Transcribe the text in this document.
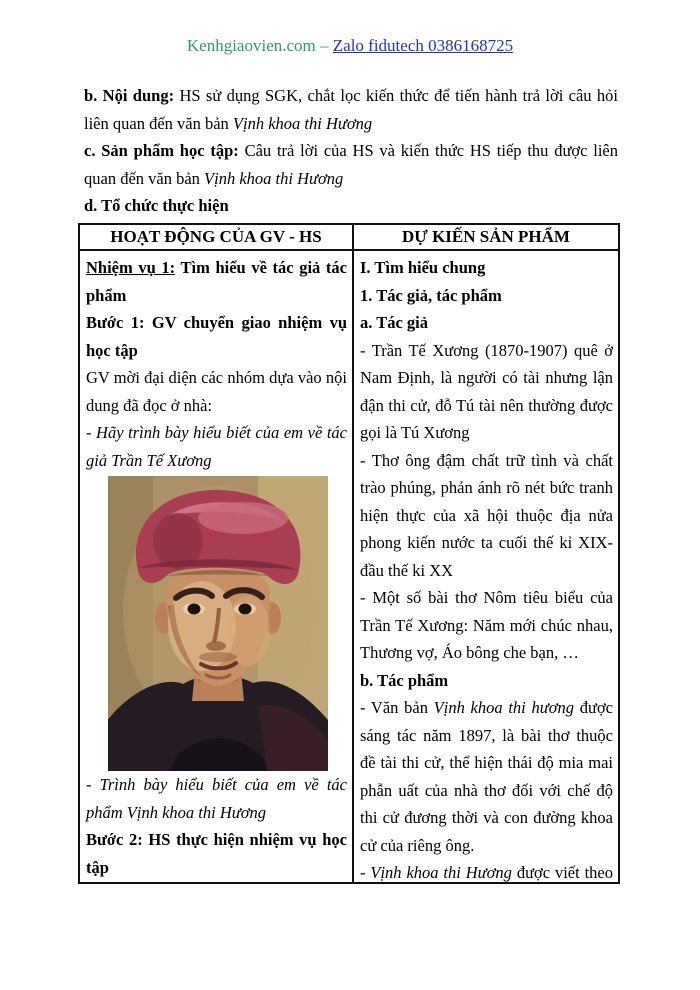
Kenhgiaovien.com – Zalo fidutech 0386168725

b. Nội dung: HS sử dụng SGK, chắt lọc kiến thức để tiến hành trả lời câu hỏi liên quan đến văn bản Vịnh khoa thi Hương

c. Sản phẩm học tập: Câu trả lời của HS và kiến thức HS tiếp thu được liên quan đến văn bản Vịnh khoa thi Hương

d. Tổ chức thực hiện

HOẠT ĐỘNG CỦA GV - HS	DỰ KIẾN SẢN PHẨM

Nhiệm vụ 1: Tìm hiểu về tác giả tác phẩm

Bước 1: GV chuyển giao nhiệm vụ học tập

GV mời đại diện các nhóm dựa vào nội dung đã đọc ở nhà:

- Hãy trình bày hiểu biết của em về tác giả Trần Tế Xương

- Trình bày hiểu biết của em về tác phẩm Vịnh khoa thi Hương

Bước 2: HS thực hiện nhiệm vụ học tập

I. Tìm hiểu chung

1. Tác giả, tác phẩm

a. Tác giả

- Trần Tế Xương (1870-1907) quê ở Nam Định, là người có tài nhưng lận đận thi cử, đỗ Tú tài nên thường được gọi là Tú Xương

- Thơ ông đậm chất trữ tình và chất trào phúng, phản ánh rõ nét bức tranh hiện thực của xã hội thuộc địa nửa phong kiến nước ta cuối thế kỉ XIX- đầu thế ki XX

- Một số bài thơ Nôm tiêu biểu của Trần Tế Xương: Năm mới chúc nhau, Thương vợ, Áo bông che bạn, …

b. Tác phẩm

- Văn bản Vịnh khoa thi hương được sáng tác năm 1897, là bài thơ thuộc đề tài thi cử, thể hiện thái độ mia mai phẫn uất của nhà thơ đối với chế độ thi cử đương thời và con đường khoa cử của riêng ông.

- Vịnh khoa thi Hương được viết theo
